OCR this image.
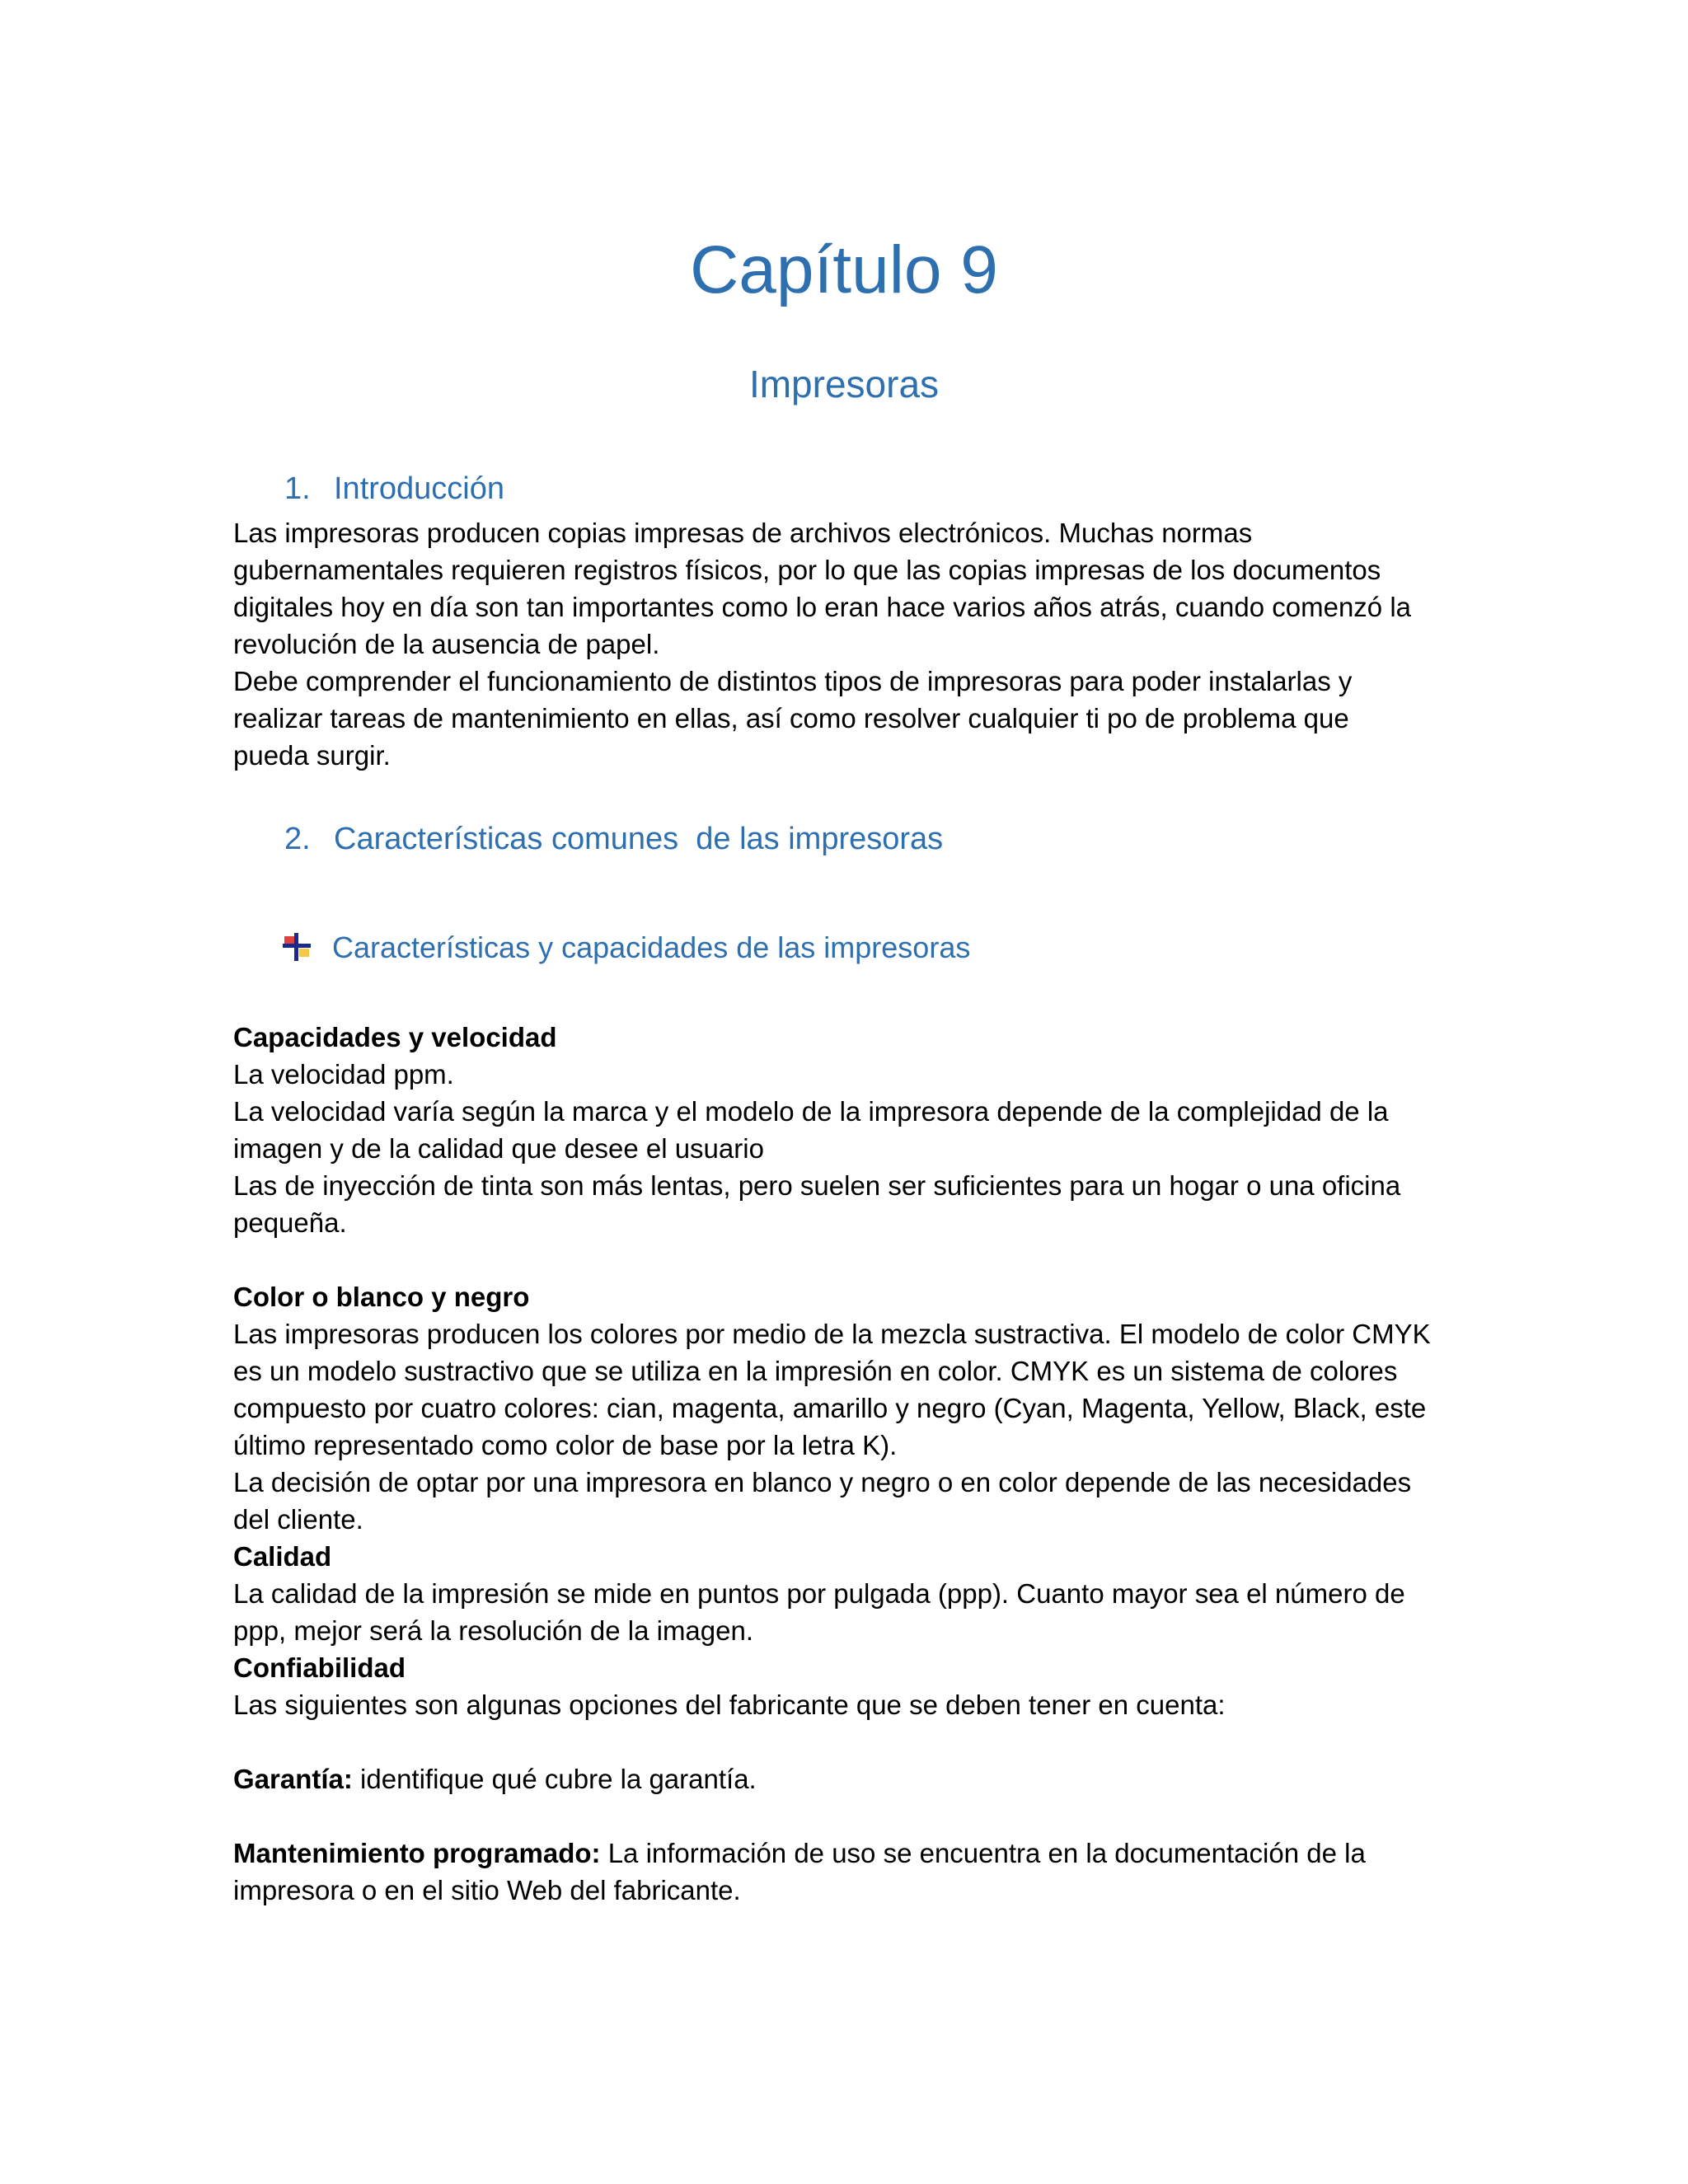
Capítulo 9
Impresoras
1. Introducción

Las impresoras producen copias impresas de archivos electrónicos. Muchas normas

gubernamentales requieren registros físicos, por lo que las copias impresas de los documentos

digitales hoy en día son tan importantes como lo eran hace varios años atrás, cuando comenzó la

revolución de la ausencia de papel.

Debe comprender el funcionamiento de distintos tipos de impresoras para poder instalarlas y

realizar tareas de mantenimiento en ellas, así como resolver cualquier ti po de problema que

pueda surgir.

2. Características comunes  de las impresoras
Características y capacidades de las impresoras

Capacidades y velocidad

La velocidad ppm.

La velocidad varía según la marca y el modelo de la impresora depende de la complejidad de la

imagen y de la calidad que desee el usuario

Las de inyección de tinta son más lentas, pero suelen ser suficientes para un hogar o una oficina

pequeña.

Color o blanco y negro

Las impresoras producen los colores por medio de la mezcla sustractiva. El modelo de color CMYK

es un modelo sustractivo que se utiliza en la impresión en color. CMYK es un sistema de colores

compuesto por cuatro colores: cian, magenta, amarillo y negro (Cyan, Magenta, Yellow, Black, este

último representado como color de base por la letra K).

La decisión de optar por una impresora en blanco y negro o en color depende de las necesidades

del cliente.

Calidad

La calidad de la impresión se mide en puntos por pulgada (ppp). Cuanto mayor sea el número de

ppp, mejor será la resolución de la imagen.

Confiabilidad

Las siguientes son algunas opciones del fabricante que se deben tener en cuenta:

Garantía: identifique qué cubre la garantía.

Mantenimiento programado: La información de uso se encuentra en la documentación de la

impresora o en el sitio Web del fabricante.
